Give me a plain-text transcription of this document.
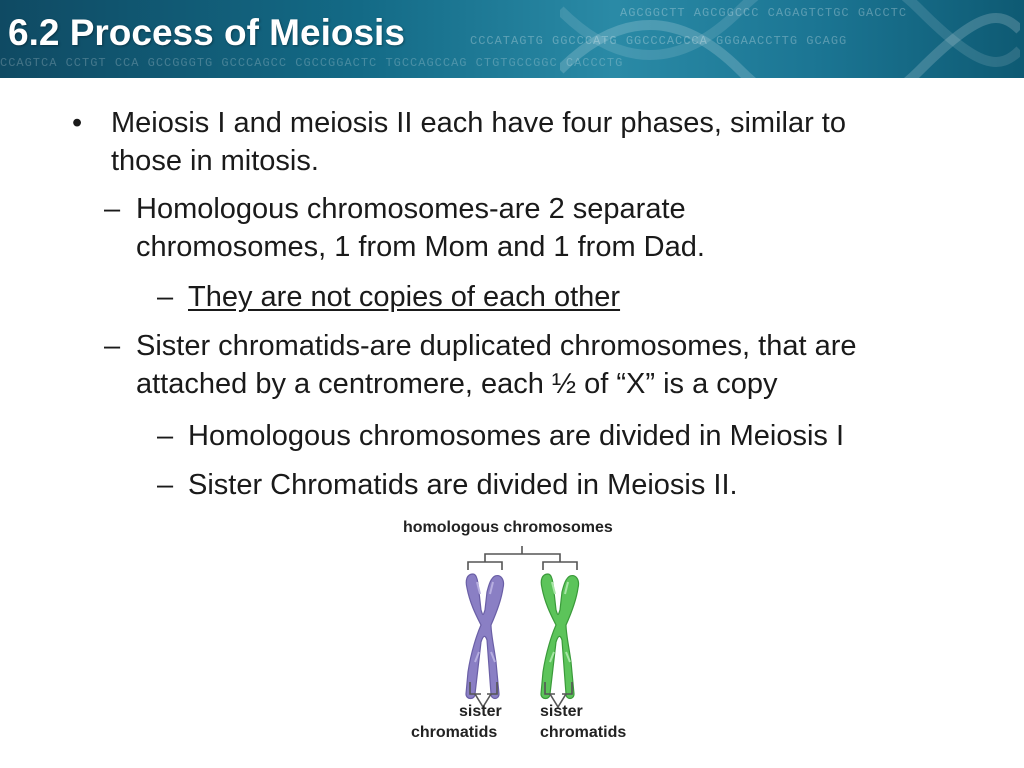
AGCGGCTT AGCGGCCC CAGAGTCTGC GACCTC
CCCATAGTG GGCCCATG GGCCCACCCA GGGAACCTTG GCAGG
CCAGTCA CCTGT CCA GCCGGGTG GCCCAGCC CGCCGGACTC TGCCAGCCAG CTGTGCCGGC CACCCTG
6.2 Process of Meiosis
• Meiosis I and meiosis II each have four phases, similar to
those in mitosis.
– Homologous chromosomes-are 2 separate
chromosomes, 1 from Mom and 1 from Dad.
– They are not copies of each other
– Sister chromatids-are duplicated chromosomes, that are
attached by a centromere, each ½ of “X” is a copy
– Homologous chromosomes are divided in Meiosis I
– Sister Chromatids are divided in Meiosis II.
homologous chromosomes
sister
chromatids
sister
chromatids
